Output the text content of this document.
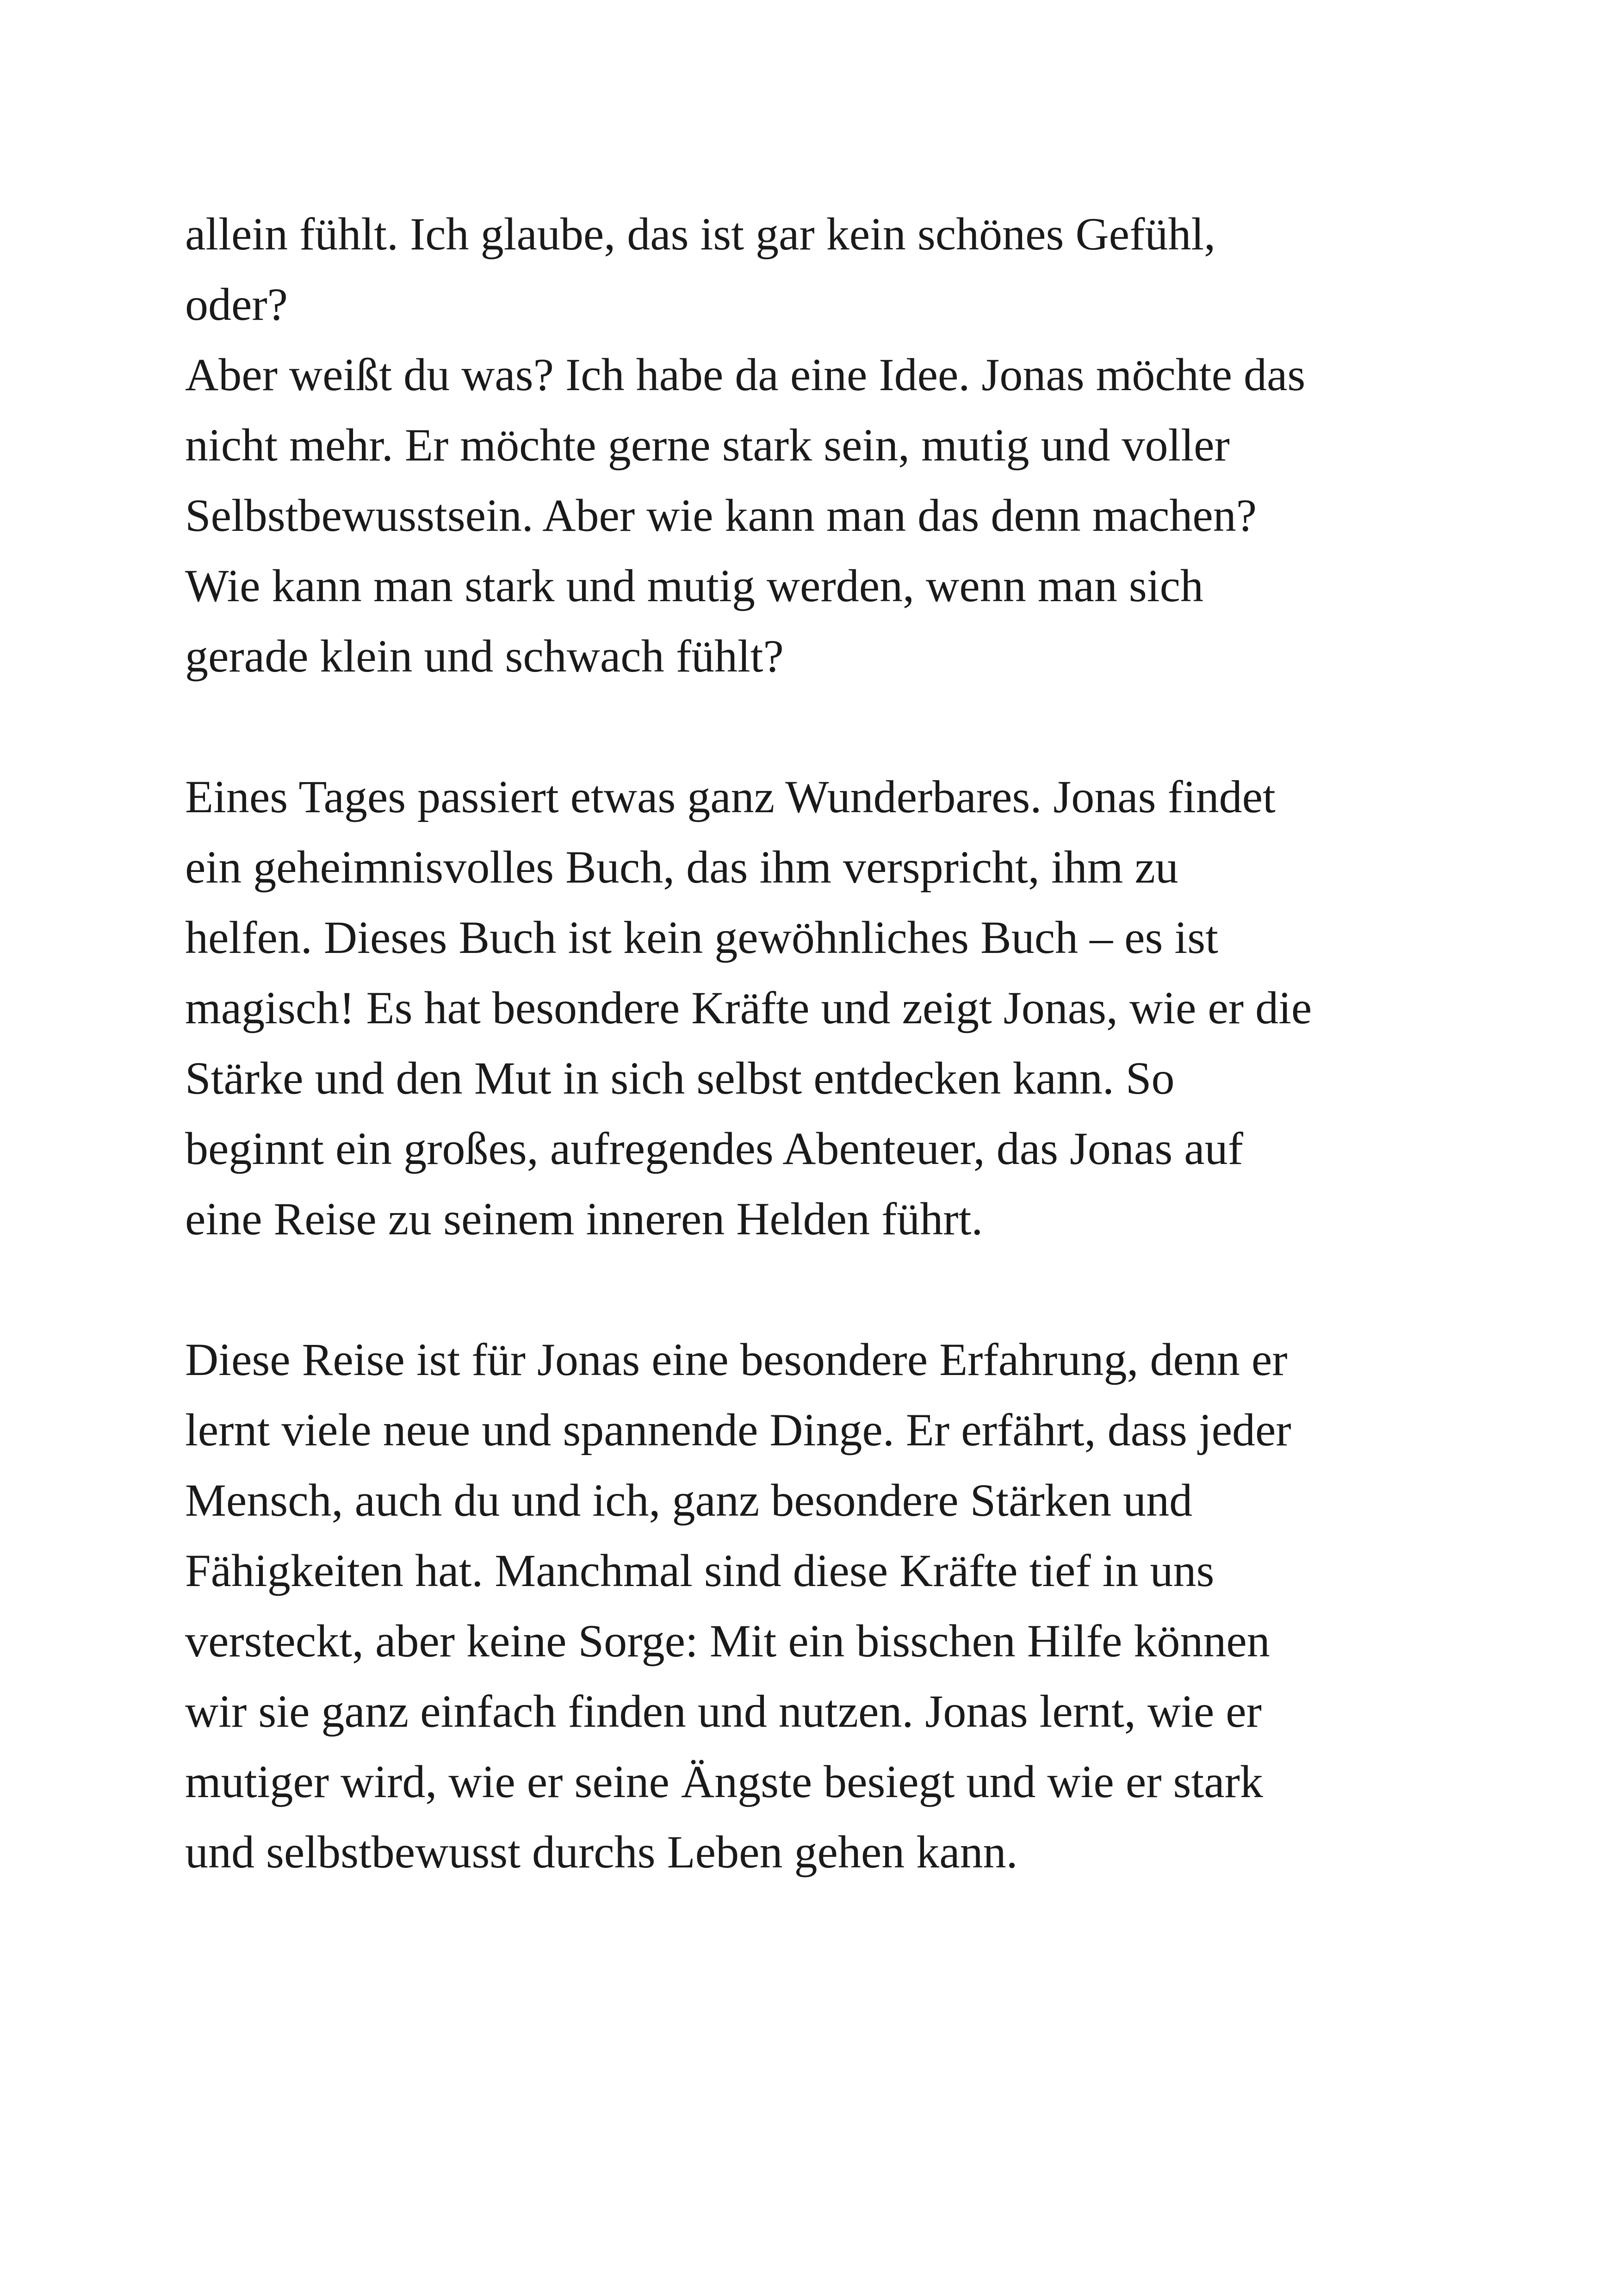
allein fühlt. Ich glaube, das ist gar kein schönes Gefühl,
oder?

Aber weißt du was? Ich habe da eine Idee. Jonas möchte das
nicht mehr. Er möchte gerne stark sein, mutig und voller
Selbstbewusstsein. Aber wie kann man das denn machen?
Wie kann man stark und mutig werden, wenn man sich
gerade klein und schwach fühlt?

Eines Tages passiert etwas ganz Wunderbares. Jonas findet
ein geheimnisvolles Buch, das ihm verspricht, ihm zu
helfen. Dieses Buch ist kein gewöhnliches Buch – es ist
magisch! Es hat besondere Kräfte und zeigt Jonas, wie er die
Stärke und den Mut in sich selbst entdecken kann. So
beginnt ein großes, aufregendes Abenteuer, das Jonas auf
eine Reise zu seinem inneren Helden führt.

Diese Reise ist für Jonas eine besondere Erfahrung, denn er
lernt viele neue und spannende Dinge. Er erfährt, dass jeder
Mensch, auch du und ich, ganz besondere Stärken und
Fähigkeiten hat. Manchmal sind diese Kräfte tief in uns
versteckt, aber keine Sorge: Mit ein bisschen Hilfe können
wir sie ganz einfach finden und nutzen. Jonas lernt, wie er
mutiger wird, wie er seine Ängste besiegt und wie er stark
und selbstbewusst durchs Leben gehen kann.
